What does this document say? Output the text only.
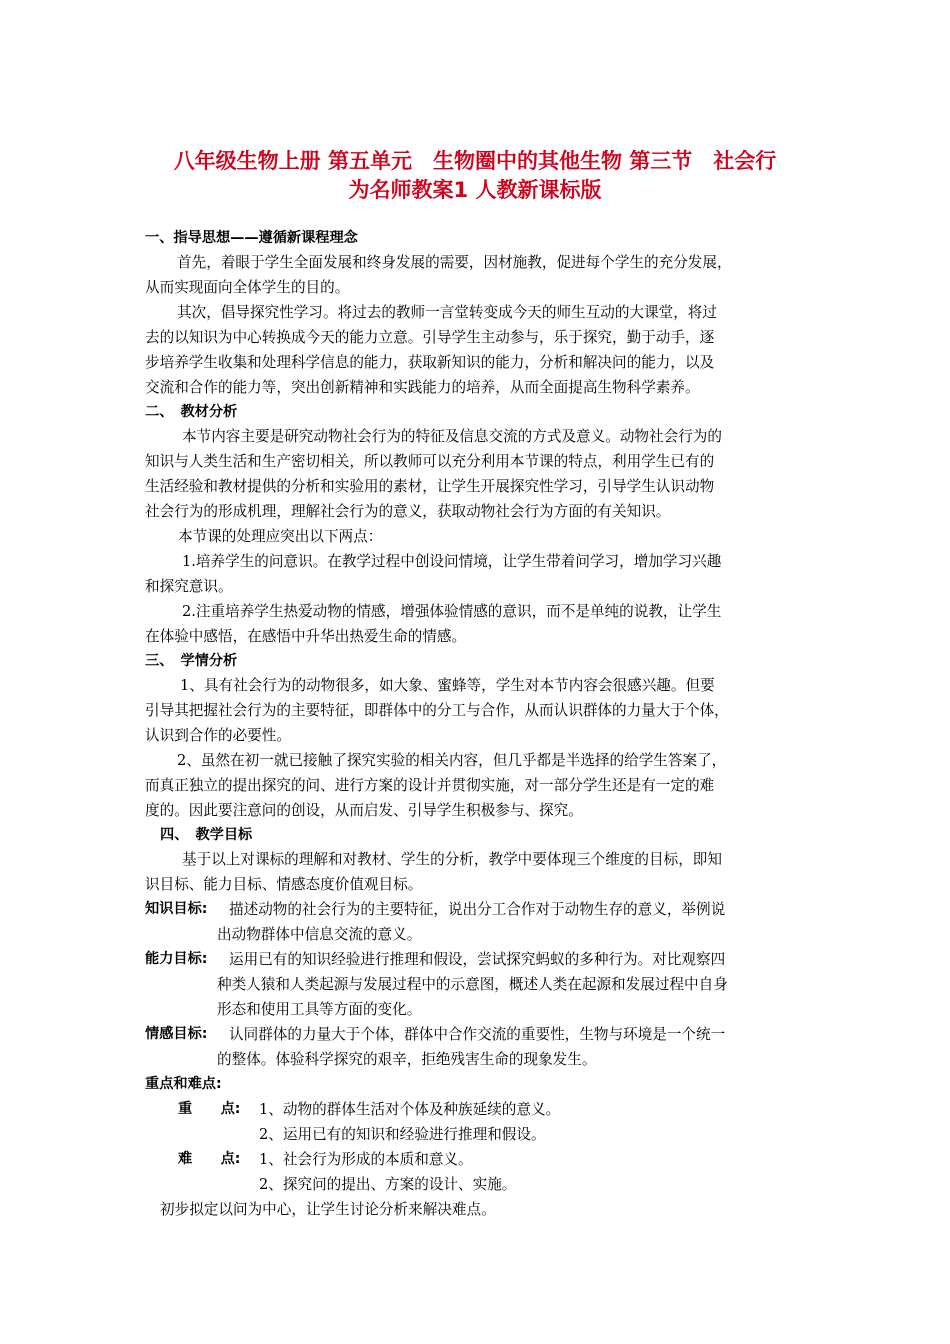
八年级生物上册 第五单元　生物圈中的其他生物 第三节　社会行
为名师教案1 人教新课标版
一、指导思想——遵循新课程理念
首先，着眼于学生全面发展和终身发展的需要，因材施教，促进每个学生的充分发展，
从而实现面向全体学生的目的。
其次，倡导探究性学习。将过去的教师一言堂转变成今天的师生互动的大课堂，将过
去的以知识为中心转换成今天的能力立意。引导学生主动参与，乐于探究，勤于动手，逐
步培养学生收集和处理科学信息的能力，获取新知识的能力，分析和解决问的能力，以及
交流和合作的能力等，突出创新精神和实践能力的培养，从而全面提高生物科学素养。
二、　教材分析
本节内容主要是研究动物社会行为的特征及信息交流的方式及意义。动物社会行为的
知识与人类生活和生产密切相关，所以教师可以充分利用本节课的特点，利用学生已有的
生活经验和教材提供的分析和实验用的素材，让学生开展探究性学习，引导学生认识动物
社会行为的形成机理，理解社会行为的意义，获取动物社会行为方面的有关知识。
本节课的处理应突出以下两点：
1.培养学生的问意识。在教学过程中创设问情境，让学生带着问学习，增加学习兴趣
和探究意识。
2.注重培养学生热爱动物的情感，增强体验情感的意识，而不是单纯的说教，让学生
在体验中感悟，在感悟中升华出热爱生命的情感。
三、　学情分析
1、具有社会行为的动物很多，如大象、蜜蜂等，学生对本节内容会很感兴趣。但要
引导其把握社会行为的主要特征，即群体中的分工与合作，从而认识群体的力量大于个体，
认识到合作的必要性。
2、虽然在初一就已接触了探究实验的相关内容，但几乎都是半选择的给学生答案了，
而真正独立的提出探究的问、进行方案的设计并贯彻实施，对一部分学生还是有一定的难
度的。因此要注意问的创设，从而启发、引导学生积极参与、探究。
四、　教学目标
基于以上对课标的理解和对教材、学生的分析，教学中要体现三个维度的目标，即知
识目标、能力目标、情感态度价值观目标。
知识目标: 描述动物的社会行为的主要特征，说出分工合作对于动物生存的意义，举例说
出动物群体中信息交流的意义。
能力目标: 运用已有的知识经验进行推理和假设，尝试探究蚂蚁的多种行为。对比观察四
种类人猿和人类起源与发展过程中的示意图，概述人类在起源和发展过程中自身
形态和使用工具等方面的变化。
情感目标: 认同群体的力量大于个体，群体中合作交流的重要性，生物与环境是一个统一
的整体。体验科学探究的艰辛，拒绝残害生命的现象发生。
重点和难点:
重　　点: 1、动物的群体生活对个体及种族延续的意义。
2、运用已有的知识和经验进行推理和假设。
难　　点: 1、社会行为形成的本质和意义。
2、探究问的提出、方案的设计、实施。
初步拟定以问为中心，让学生讨论分析来解决难点。
